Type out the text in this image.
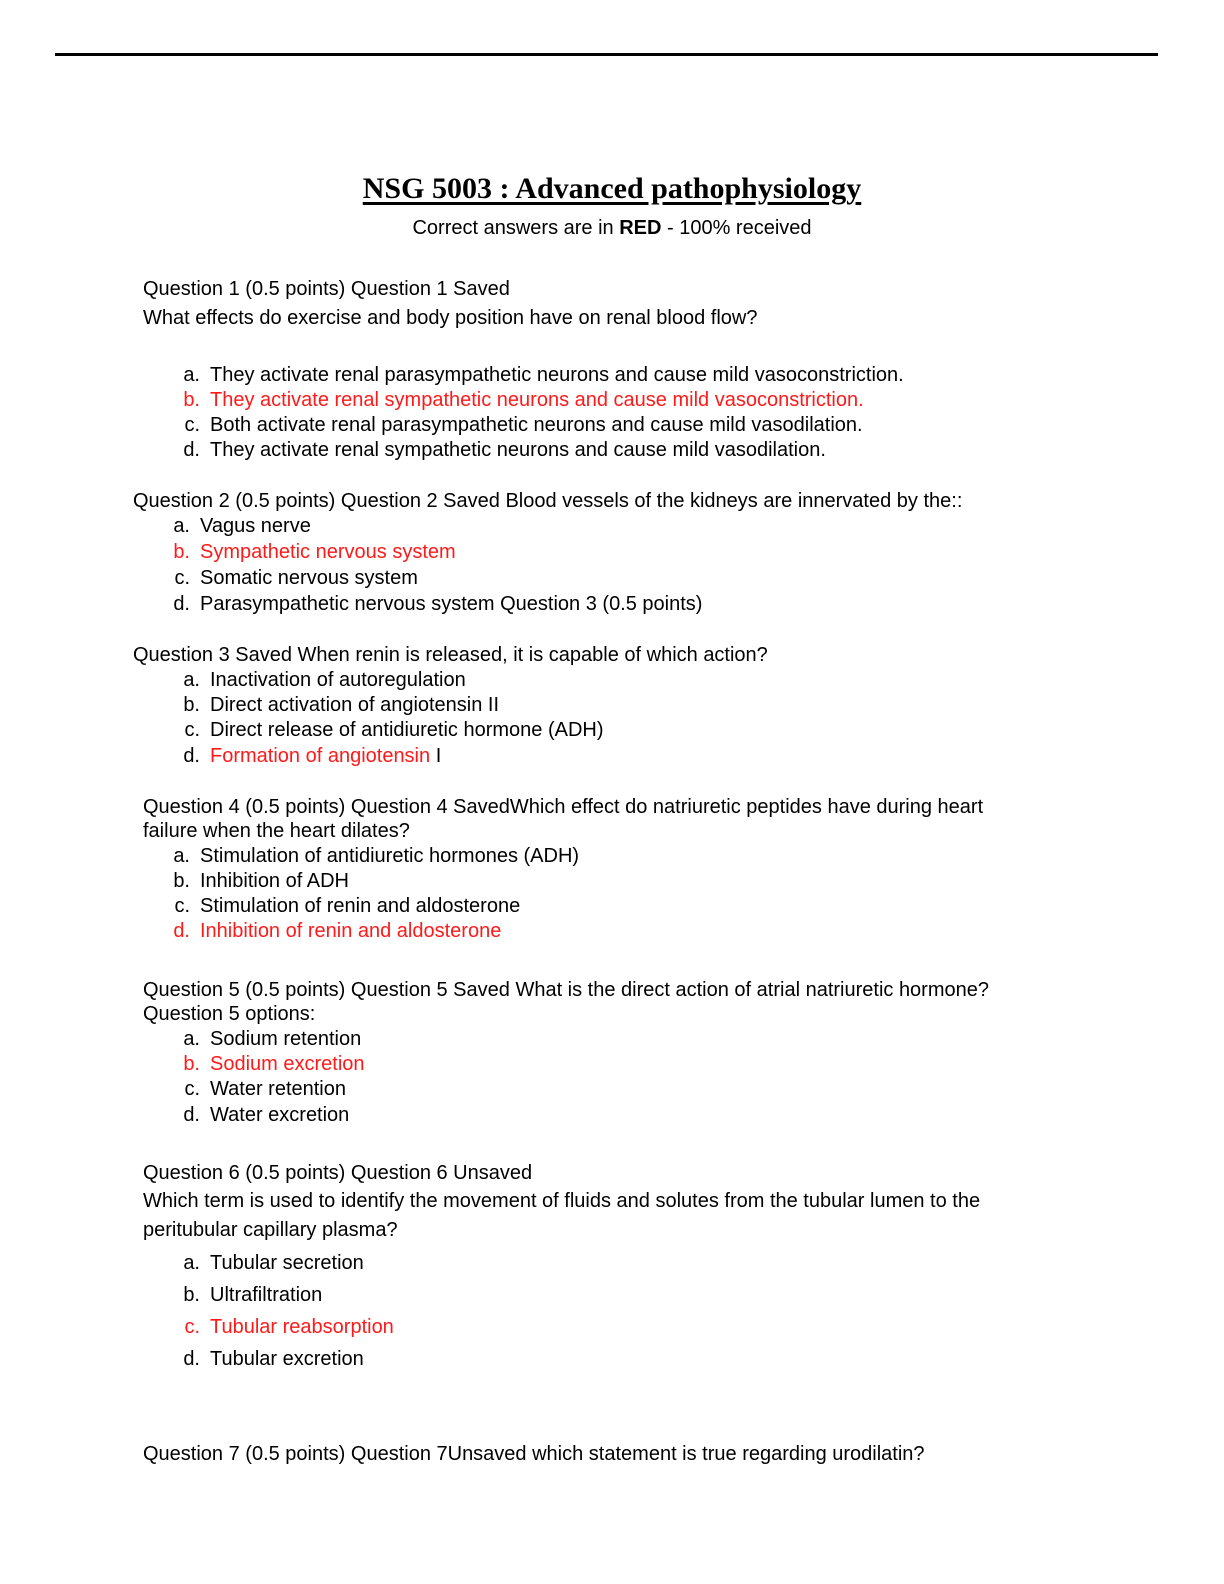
NSG 5003 : Advanced pathophysiology
Correct answers are in RED - 100% received
Question 1 (0.5 points) Question 1 Saved
What effects do exercise and body position have on renal blood flow?
a. They activate renal parasympathetic neurons and cause mild vasoconstriction.
b. They activate renal sympathetic neurons and cause mild vasoconstriction.
c. Both activate renal parasympathetic neurons and cause mild vasodilation.
d. They activate renal sympathetic neurons and cause mild vasodilation.
Question 2 (0.5 points) Question 2 Saved Blood vessels of the kidneys are innervated by the::
a. Vagus nerve
b. Sympathetic nervous system
c. Somatic nervous system
d. Parasympathetic nervous system Question 3 (0.5 points)
Question 3 Saved When renin is released, it is capable of which action?
a. Inactivation of autoregulation
b. Direct activation of angiotensin II
c. Direct release of antidiuretic hormone (ADH)
d. Formation of angiotensin I
Question 4 (0.5 points) Question 4 SavedWhich effect do natriuretic peptides have during heart
failure when the heart dilates?
a. Stimulation of antidiuretic hormones (ADH)
b. Inhibition of ADH
c. Stimulation of renin and aldosterone
d. Inhibition of renin and aldosterone
Question 5 (0.5 points) Question 5 Saved What is the direct action of atrial natriuretic hormone?
Question 5 options:
a. Sodium retention
b. Sodium excretion
c. Water retention
d. Water excretion
Question 6 (0.5 points) Question 6 Unsaved
Which term is used to identify the movement of fluids and solutes from the tubular lumen to the
peritubular capillary plasma?
a. Tubular secretion
b. Ultrafiltration
c. Tubular reabsorption
d. Tubular excretion
Question 7 (0.5 points) Question 7Unsaved which statement is true regarding urodilatin?
